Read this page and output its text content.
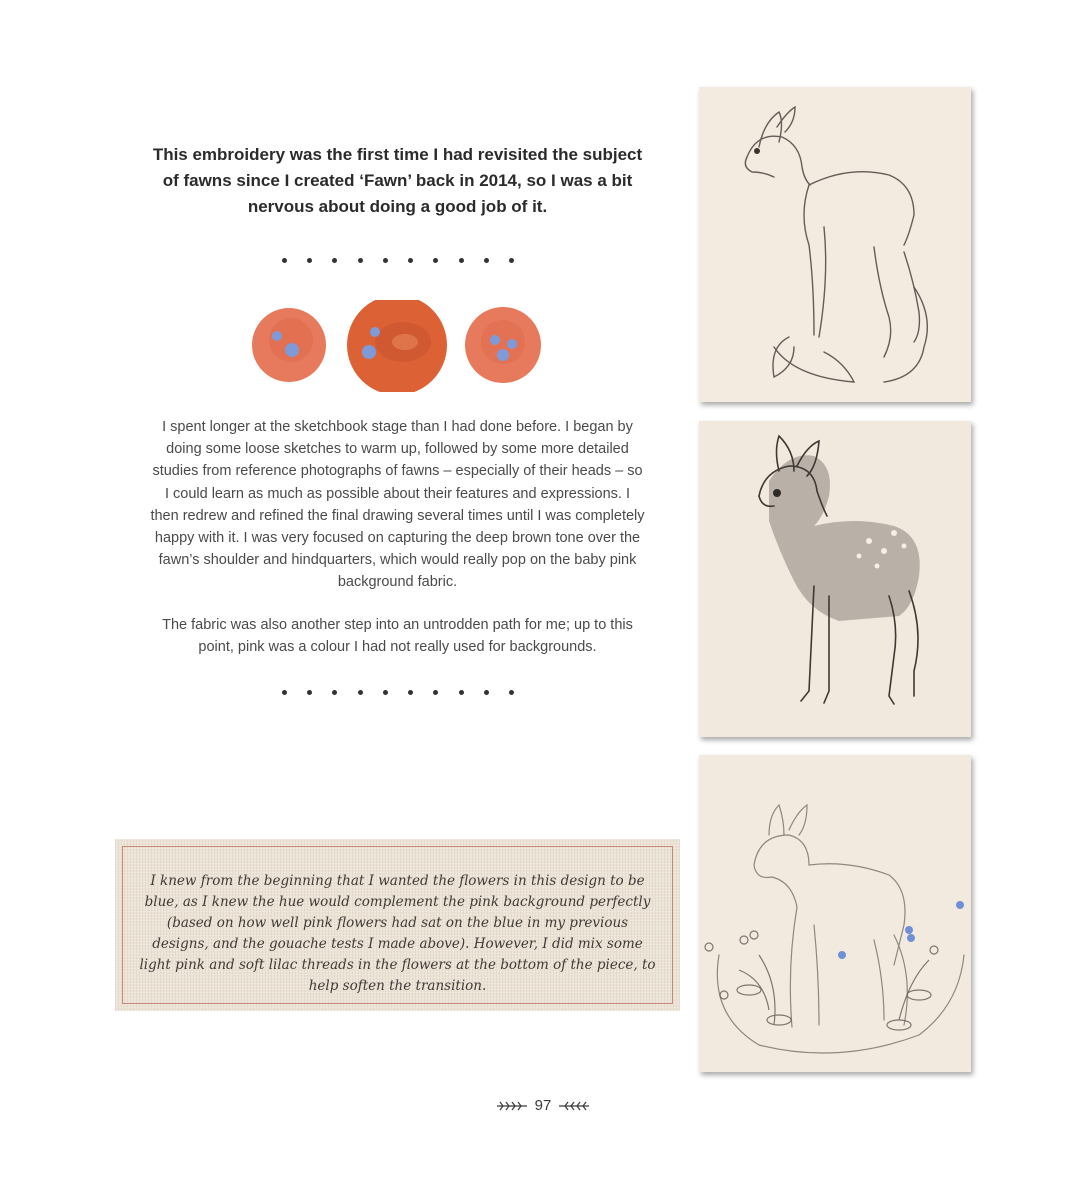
This embroidery was the first time I had revisited the subject of fawns since I created ‘Fawn’ back in 2014, so I was a bit nervous about doing a good job of it.

I spent longer at the sketchbook stage than I had done before. I began by doing some loose sketches to warm up, followed by some more detailed studies from reference photographs of fawns – especially of their heads – so I could learn as much as possible about their features and expressions. I then redrew and refined the final drawing several times until I was completely happy with it. I was very focused on capturing the deep brown tone over the fawn’s shoulder and hindquarters, which would really pop on the baby pink background fabric.

The fabric was also another step into an untrodden path for me; up to this point, pink was a colour I had not really used for backgrounds.

I knew from the beginning that I wanted the flowers in this design to be blue, as I knew the hue would complement the pink background perfectly (based on how well pink flowers had sat on the blue in my previous designs, and the gouache tests I made above). However, I did mix some light pink and soft lilac threads in the flowers at the bottom of the piece, to help soften the transition.
97
